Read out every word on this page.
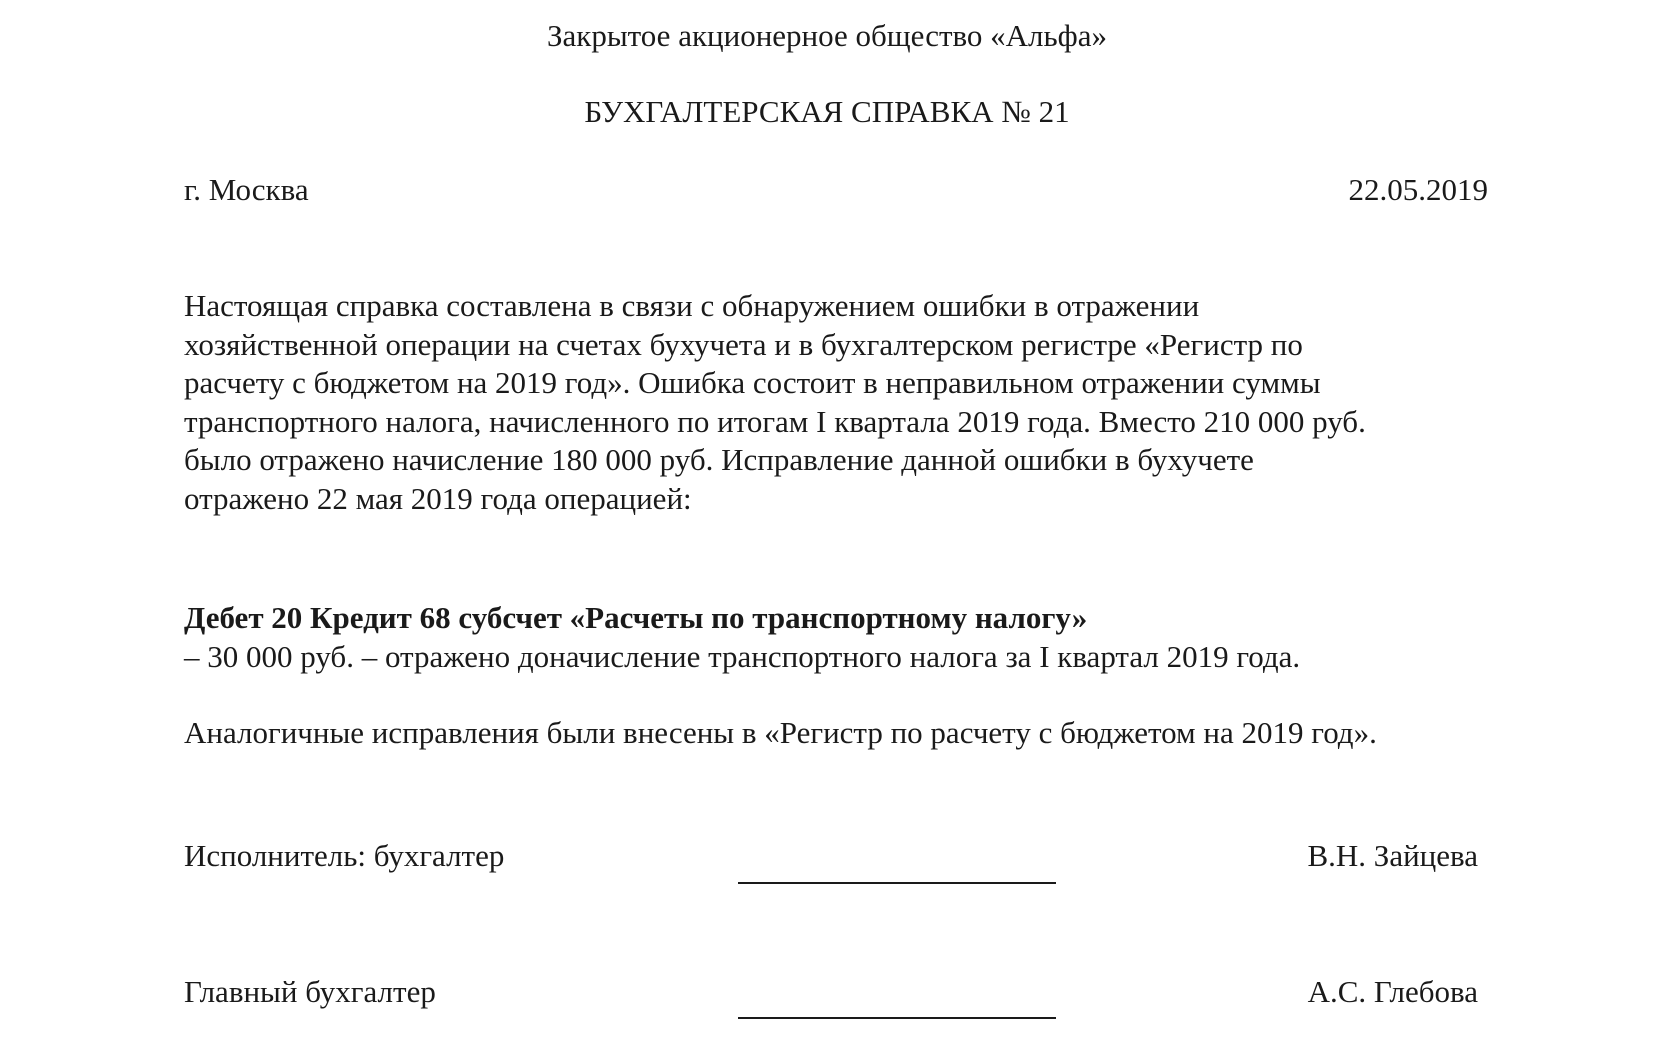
Закрытое акционерное общество «Альфа»
БУХГАЛТЕРСКАЯ СПРАВКА № 21
г. Москва	22.05.2019

Настоящая справка составлена в связи с обнаружением ошибки в отражении

хозяйственной операции на счетах бухучета и в бухгалтерском регистре «Регистр по

расчету с бюджетом на 2019 год». Ошибка состоит в неправильном отражении суммы

транспортного налога, начисленного по итогам I квартала 2019 года. Вместо 210 000 руб.

было отражено начисление 180 000 руб. Исправление данной ошибки в бухучете

отражено 22 мая 2019 года операцией:

Дебет 20 Кредит 68 субсчет «Расчеты по транспортному налогу»
– 30 000 руб. – отражено доначисление транспортного налога за I квартал 2019 года.
Аналогичные исправления были внесены в «Регистр по расчету с бюджетом на 2019 год».
Исполнитель: бухгалтер	В.Н. Зайцева
Главный бухгалтер	А.С. Глебова
